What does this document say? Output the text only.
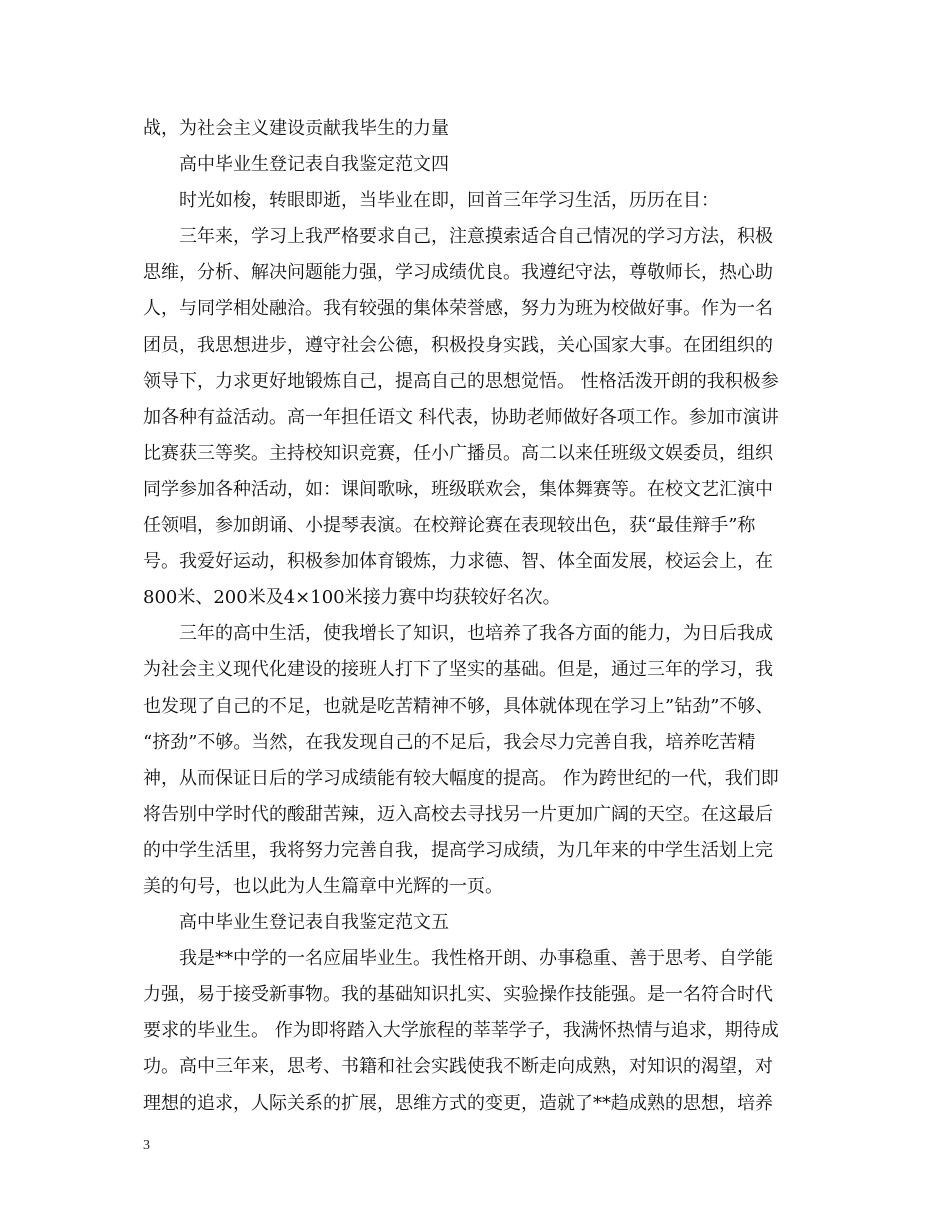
战，为社会主义建设贡献我毕生的力量

　　高中毕业生登记表自我鉴定范文四

　　时光如梭，转眼即逝，当毕业在即，回首三年学习生活，历历在目：

　　三年来，学习上我严格要求自己，注意摸索适合自己情况的学习方法，积极

思维，分析、解决问题能力强，学习成绩优良。我遵纪守法，尊敬师长，热心助

人，与同学相处融洽。我有较强的集体荣誉感，努力为班为校做好事。作为一名

团员，我思想进步，遵守社会公德，积极投身实践，关心国家大事。在团组织的

领导下，力求更好地锻炼自己，提高自己的思想觉悟。 性格活泼开朗的我积极参

加各种有益活动。高一年担任语文 科代表，协助老师做好各项工作。参加市演讲

比赛获三等奖。主持校知识竞赛，任小广播员。高二以来任班级文娱委员，组织

同学参加各种活动，如：课间歌咏，班级联欢会，集体舞赛等。在校文艺汇演中

任领唱，参加朗诵、小提琴表演。在校辩论赛在表现较出色，获“最佳辩手”称

号。我爱好运动，积极参加体育锻炼，力求德、智、体全面发展，校运会上，在

800米、200米及4×100米接力赛中均获较好名次。

　　三年的高中生活，使我增长了知识，也培养了我各方面的能力，为日后我成

为社会主义现代化建设的接班人打下了坚实的基础。但是，通过三年的学习，我

也发现了自己的不足，也就是吃苦精神不够，具体就体现在学习上”钻劲”不够、

“挤劲”不够。当然，在我发现自己的不足后，我会尽力完善自我，培养吃苦精

神，从而保证日后的学习成绩能有较大幅度的提高。 作为跨世纪的一代，我们即

将告别中学时代的酸甜苦辣，迈入高校去寻找另一片更加广阔的天空。在这最后

的中学生活里，我将努力完善自我，提高学习成绩，为几年来的中学生活划上完

美的句号，也以此为人生篇章中光辉的一页。

　　高中毕业生登记表自我鉴定范文五

　　我是**中学的一名应届毕业生。我性格开朗、办事稳重、善于思考、自学能

力强，易于接受新事物。我的基础知识扎实、实验操作技能强。是一名符合时代

要求的毕业生。 作为即将踏入大学旅程的莘莘学子，我满怀热情与追求，期待成

功。高中三年来，思考、书籍和社会实践使我不断走向成熟，对知识的渴望，对

理想的追求，人际关系的扩展，思维方式的变更，造就了**趋成熟的思想，培养

3
